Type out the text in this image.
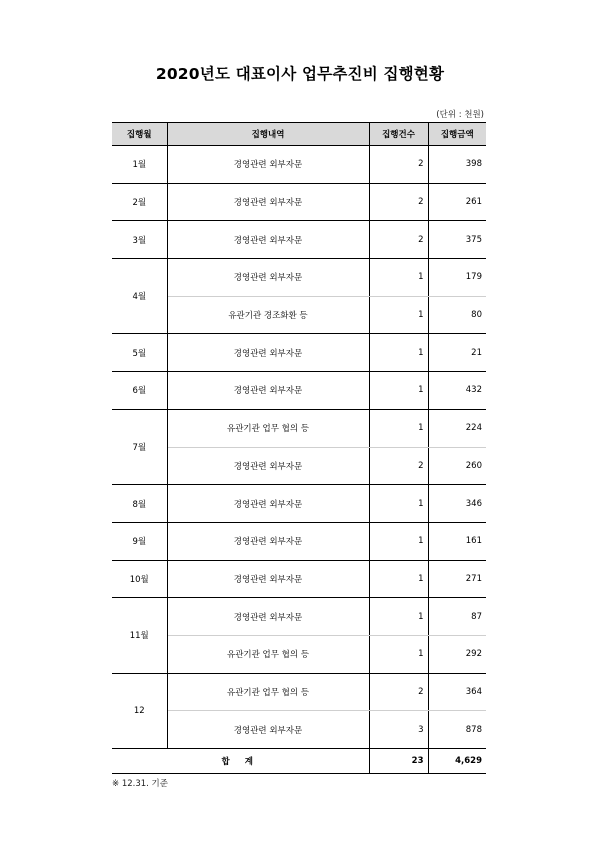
2020년도 대표이사 업무추진비 집행현황
(단위 : 천원)
집행월	집행내역	집행건수	집행금액
1월	경영관련 외부자문	2	398
2월	경영관련 외부자문	2	261
3월	경영관련 외부자문	2	375
4월	경영관련 외부자문	1	179
	유관기관 경조화환 등	1	80
5월	경영관련 외부자문	1	21
6월	경영관련 외부자문	1	432
7월	유관기관 업무 협의 등	1	224
	경영관련 외부자문	2	260
8월	경영관련 외부자문	1	346
9월	경영관련 외부자문	1	161
10월	경영관련 외부자문	1	271
11월	경영관련 외부자문	1	87
	유관기관 업무 협의 등	1	292
12	유관기관 업무 협의 등	2	364
	경영관련 외부자문	3	878
합 계		23	4,629
※ 12.31. 기준
